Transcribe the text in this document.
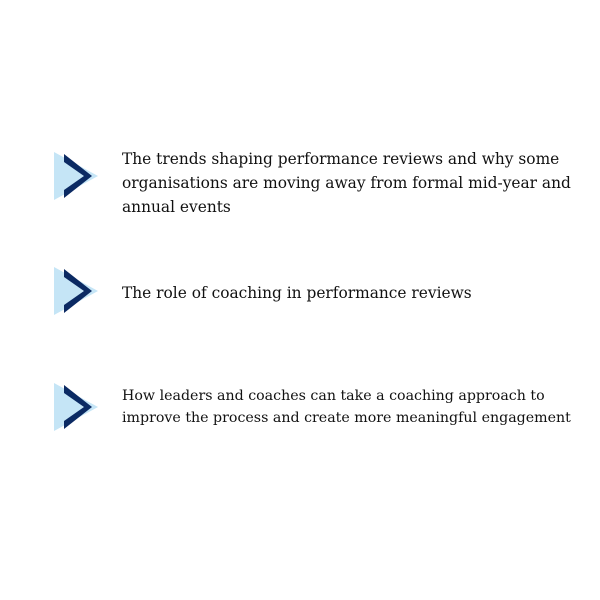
The trends shaping performance reviews and why some organisations are moving away from formal mid-year and annual events
The role of coaching in performance reviews
How leaders and coaches can take a coaching approach to improve the process and create more meaningful engagement
